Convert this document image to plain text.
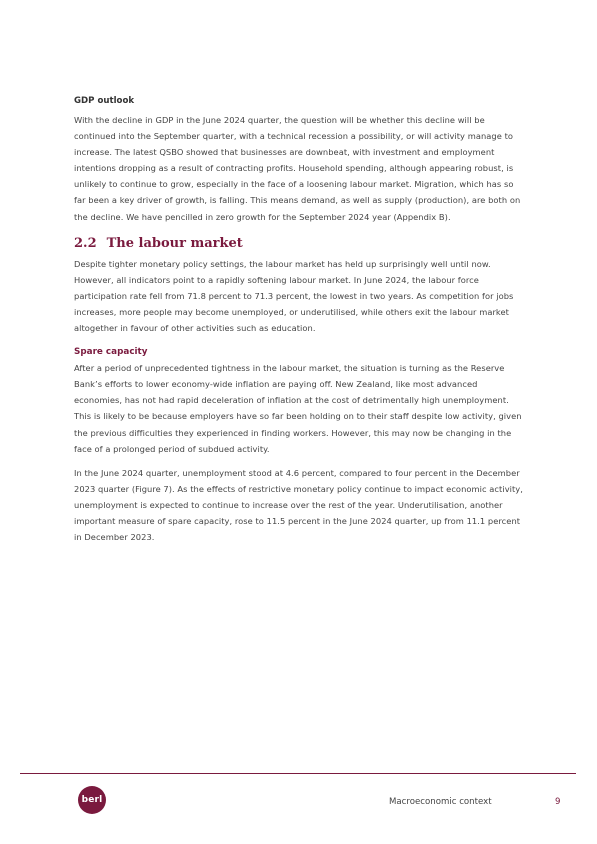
GDP outlook

With the decline in GDP in the June 2024 quarter, the question will be whether this decline will be continued into the September quarter, with a technical recession a possibility, or will activity manage to increase. The latest QSBO showed that businesses are downbeat, with investment and employment intentions dropping as a result of contracting profits. Household spending, although appearing robust, is unlikely to continue to grow, especially in the face of a loosening labour market. Migration, which has so far been a key driver of growth, is falling. This means demand, as well as supply (production), are both on the decline. We have pencilled in zero growth for the September 2024 year (Appendix B).

2.2 The labour market

Despite tighter monetary policy settings, the labour market has held up surprisingly well until now. However, all indicators point to a rapidly softening labour market. In June 2024, the labour force participation rate fell from 71.8 percent to 71.3 percent, the lowest in two years. As competition for jobs increases, more people may become unemployed, or underutilised, while others exit the labour market altogether in favour of other activities such as education.

Spare capacity

After a period of unprecedented tightness in the labour market, the situation is turning as the Reserve Bank’s efforts to lower economy-wide inflation are paying off. New Zealand, like most advanced economies, has not had rapid deceleration of inflation at the cost of detrimentally high unemployment. This is likely to be because employers have so far been holding on to their staff despite low activity, given the previous difficulties they experienced in finding workers. However, this may now be changing in the face of a prolonged period of subdued activity.

In the June 2024 quarter, unemployment stood at 4.6 percent, compared to four percent in the December 2023 quarter (Figure 7). As the effects of restrictive monetary policy continue to impact economic activity, unemployment is expected to continue to increase over the rest of the year. Underutilisation, another important measure of spare capacity, rose to 11.5 percent in the June 2024 quarter, up from 11.1 percent in December 2023.

berl	Macroeconomic context	9
